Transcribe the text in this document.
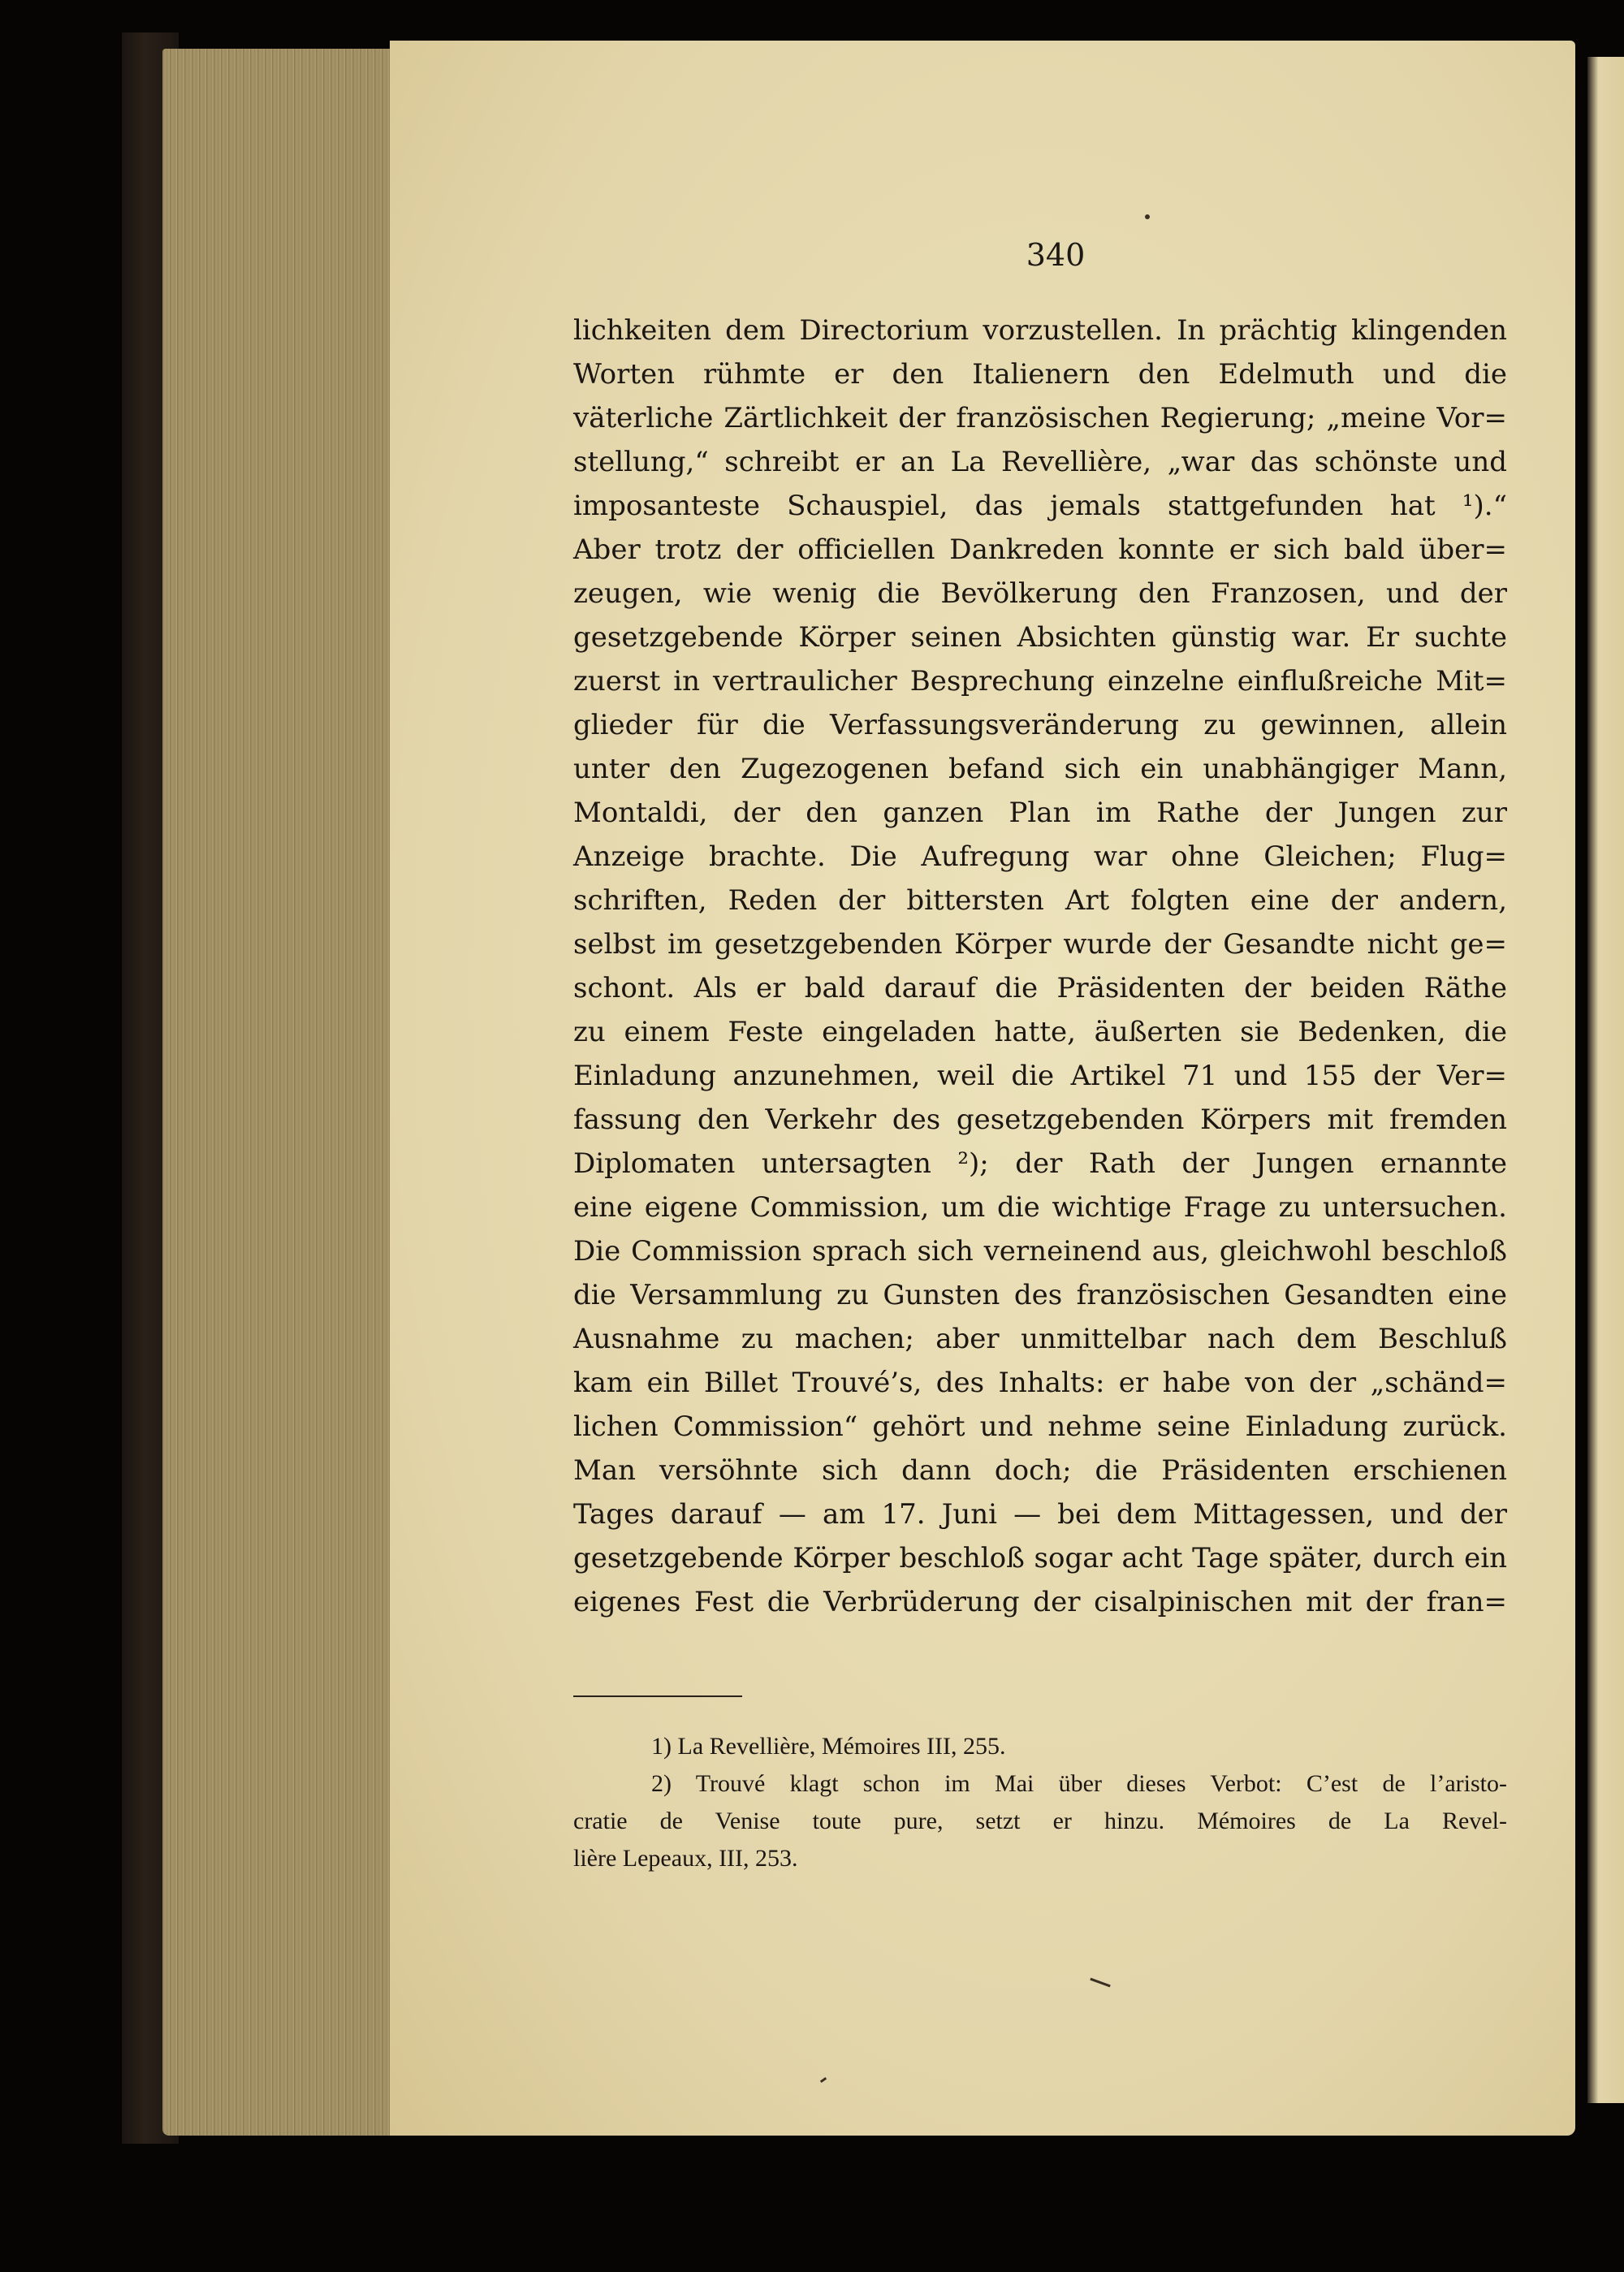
340
lichkeiten dem Directorium vorzustellen. In prächtig klingenden
Worten rühmte er den Italienern den Edelmuth und die
väterliche Zärtlichkeit der französischen Regierung; „meine Vor=
stellung,“ schreibt er an La Revellière, „war das schönste und
imposanteste Schauspiel, das jemals stattgefunden hat ¹).“
Aber trotz der officiellen Dankreden konnte er sich bald über=
zeugen, wie wenig die Bevölkerung den Franzosen, und der
gesetzgebende Körper seinen Absichten günstig war. Er suchte
zuerst in vertraulicher Besprechung einzelne einflußreiche Mit=
glieder für die Verfassungsveränderung zu gewinnen, allein
unter den Zugezogenen befand sich ein unabhängiger Mann,
Montaldi, der den ganzen Plan im Rathe der Jungen zur
Anzeige brachte. Die Aufregung war ohne Gleichen; Flug=
schriften, Reden der bittersten Art folgten eine der andern,
selbst im gesetzgebenden Körper wurde der Gesandte nicht ge=
schont. Als er bald darauf die Präsidenten der beiden Räthe
zu einem Feste eingeladen hatte, äußerten sie Bedenken, die
Einladung anzunehmen, weil die Artikel 71 und 155 der Ver=
fassung den Verkehr des gesetzgebenden Körpers mit fremden
Diplomaten untersagten ²); der Rath der Jungen ernannte
eine eigene Commission, um die wichtige Frage zu untersuchen.
Die Commission sprach sich verneinend aus, gleichwohl beschloß
die Versammlung zu Gunsten des französischen Gesandten eine
Ausnahme zu machen; aber unmittelbar nach dem Beschluß
kam ein Billet Trouvé’s, des Inhalts: er habe von der „schänd=
lichen Commission“ gehört und nehme seine Einladung zurück.
Man versöhnte sich dann doch; die Präsidenten erschienen
Tages darauf — am 17. Juni — bei dem Mittagessen, und der
gesetzgebende Körper beschloß sogar acht Tage später, durch ein
eigenes Fest die Verbrüderung der cisalpinischen mit der fran=
1) La Revellière, Mémoires III, 255.
2) Trouvé klagt schon im Mai über dieses Verbot: C’est de l’aristo-
cratie de Venise toute pure, setzt er hinzu. Mémoires de La Revel-
lière Lepeaux, III, 253.
